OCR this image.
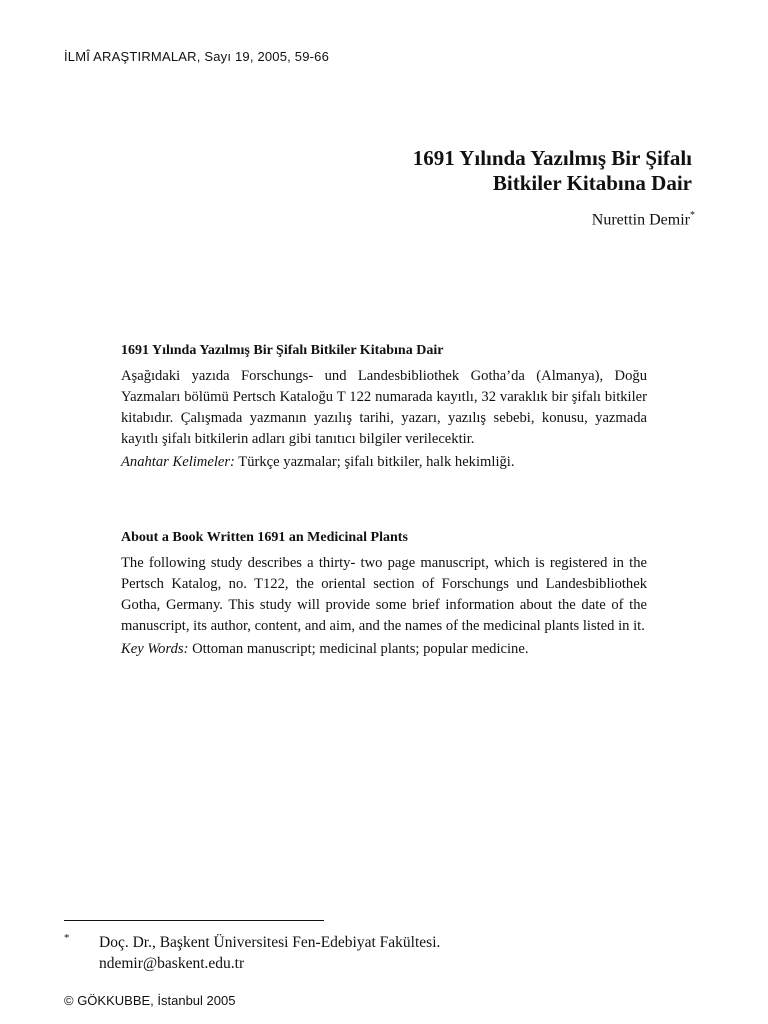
İLMÎ ARAŞTIRMALAR, Sayı 19, 2005, 59-66
1691 Yılında Yazılmış Bir Şifalı
Bitkiler Kitabına Dair
Nurettin Demir*
1691 Yılında Yazılmış Bir Şifalı Bitkiler Kitabına Dair

Aşağıdaki yazıda Forschungs- und Landesbibliothek Gotha’da (Almanya), Doğu Yazmaları bölümü Pertsch Kataloğu T 122 numarada kayıtlı, 32 varaklık bir şifalı bitkiler kitabıdır. Çalışmada yazmanın yazılış tarihi, yazarı, yazılış sebebi, konusu, yazmada kayıtlı şifalı bitkilerin adları gibi tanıtıcı bilgiler verilecektir.

Anahtar Kelimeler: Türkçe yazmalar; şifalı bitkiler, halk hekimliği.

About a Book Written 1691 an Medicinal Plants

The following study describes a thirty- two page manuscript, which is registered in the Pertsch Katalog, no. T122, the oriental section of Forschungs und Landesbibliothek Gotha, Germany. This study will provide some brief information about the date of the manuscript, its author, content, and aim, and the names of the medicinal plants listed in it.

Key Words: Ottoman manuscript; medicinal plants; popular medicine.

* Doç. Dr., Başkent Üniversitesi Fen-Edebiyat Fakültesi.
ndemir@baskent.edu.tr
© GÖKKUBBE, İstanbul 2005
